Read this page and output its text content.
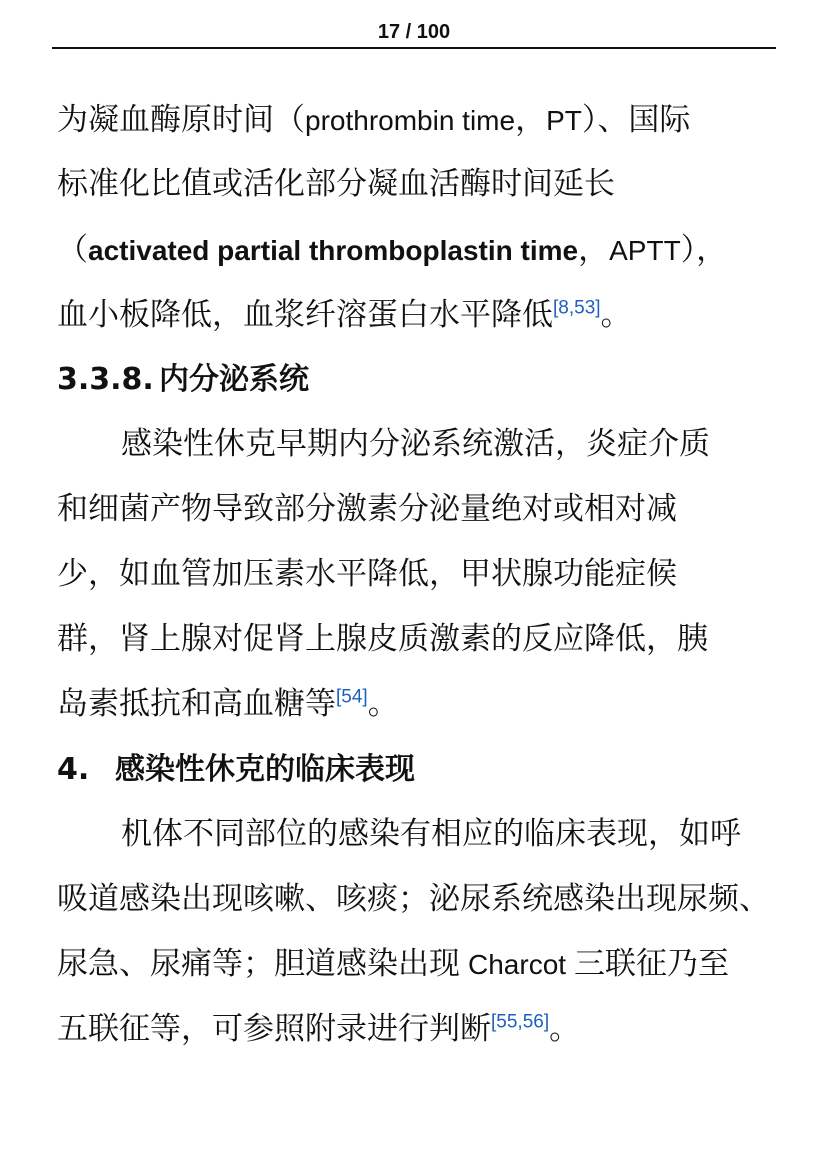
17 / 100
为凝血酶原时间（prothrombin time，PT）、国际
标准化比值或活化部分凝血活酶时间延长
（activated partial thromboplastin time，APTT），
血小板降低，血浆纤溶蛋白水平降低[8,53]。
3.3.8. 内分泌系统
感染性休克早期内分泌系统激活，炎症介质
和细菌产物导致部分激素分泌量绝对或相对减
少，如血管加压素水平降低，甲状腺功能症候
群，肾上腺对促肾上腺皮质激素的反应降低，胰
岛素抵抗和高血糖等[54]。
4. 感染性休克的临床表现
机体不同部位的感染有相应的临床表现，如呼
吸道感染出现咳嗽、咳痰；泌尿系统感染出现尿频、
尿急、尿痛等；胆道感染出现 Charcot 三联征乃至
五联征等，可参照附录进行判断[55,56]。
